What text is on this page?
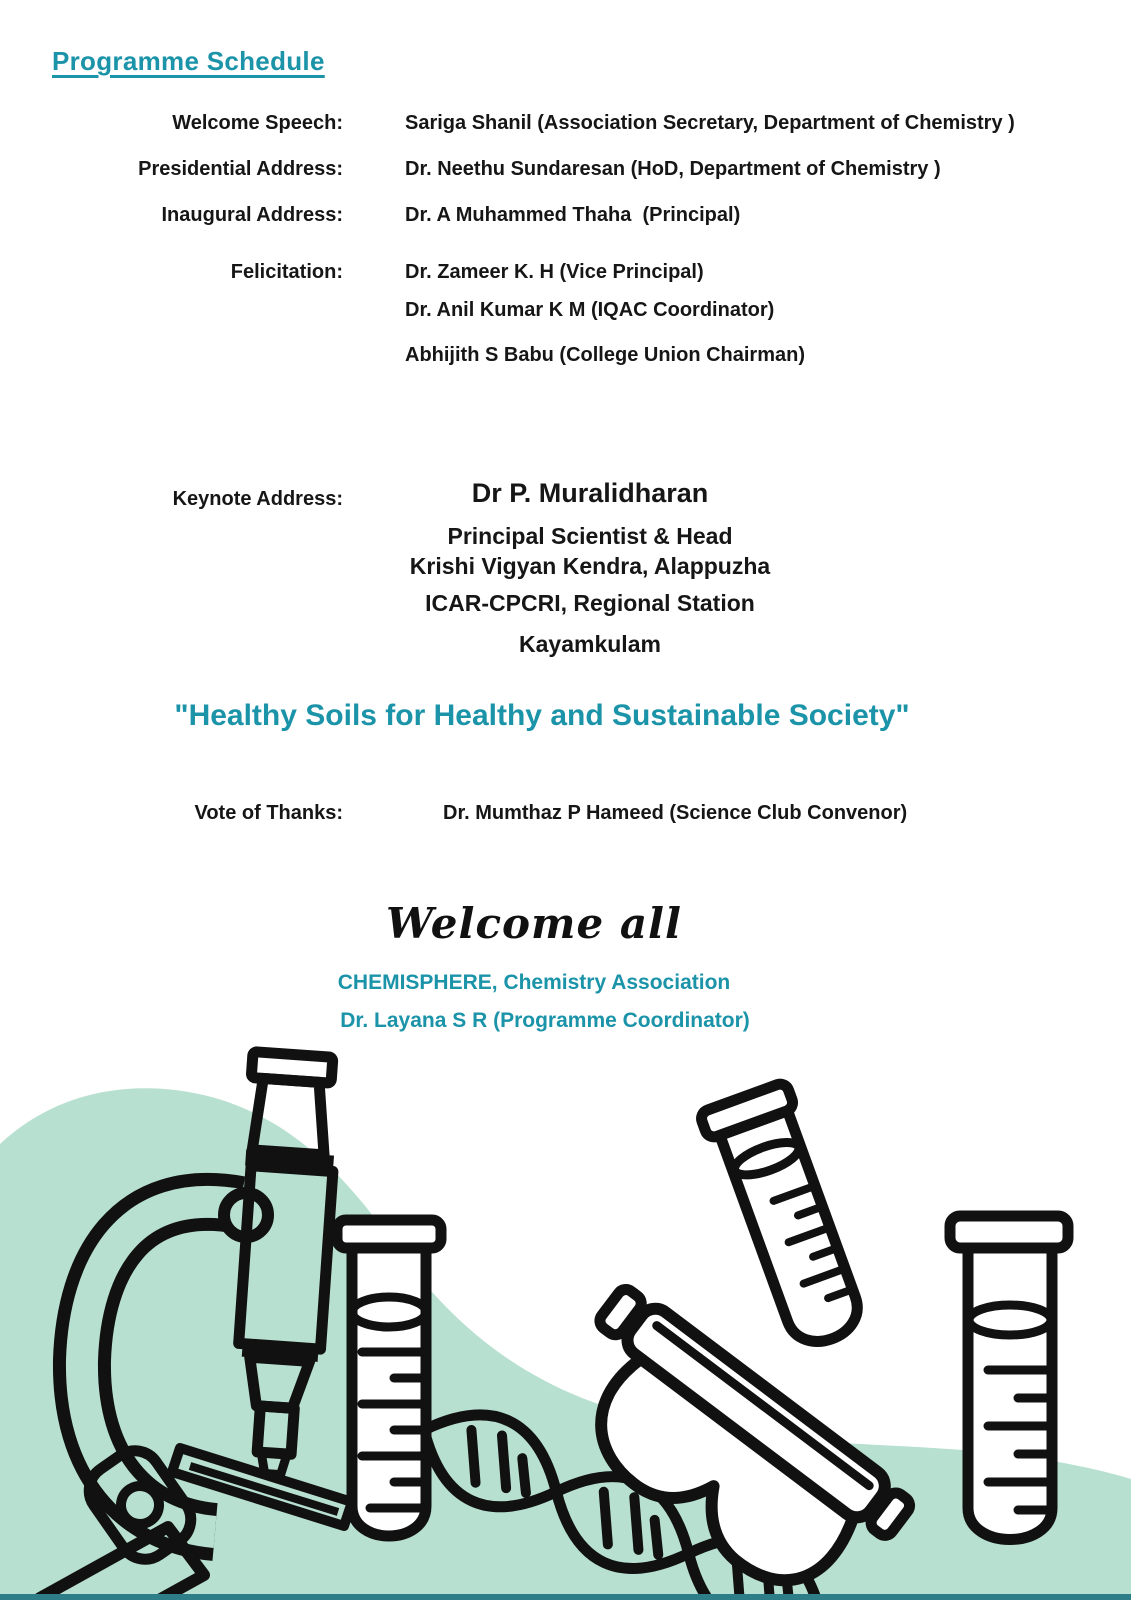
Programme Schedule
Welcome Speech:	Sariga Shanil (Association Secretary, Department of Chemistry )
Presidential Address:	Dr. Neethu Sundaresan (HoD, Department of Chemistry )
Inaugural Address:	Dr. A Muhammed Thaha  (Principal)
Felicitation:	Dr. Zameer K. H (Vice Principal)
Dr. Anil Kumar K M (IQAC Coordinator)
Abhijith S Babu (College Union Chairman)
Keynote Address:	Dr P. Muralidharan
Principal Scientist & Head
Krishi Vigyan Kendra, Alappuzha
ICAR-CPCRI, Regional Station
Kayamkulam
"Healthy Soils for Healthy and Sustainable Society"
Vote of Thanks:	Dr. Mumthaz P Hameed (Science Club Convenor)
Welcome all
CHEMISPHERE, Chemistry Association
Dr. Layana S R (Programme Coordinator)
